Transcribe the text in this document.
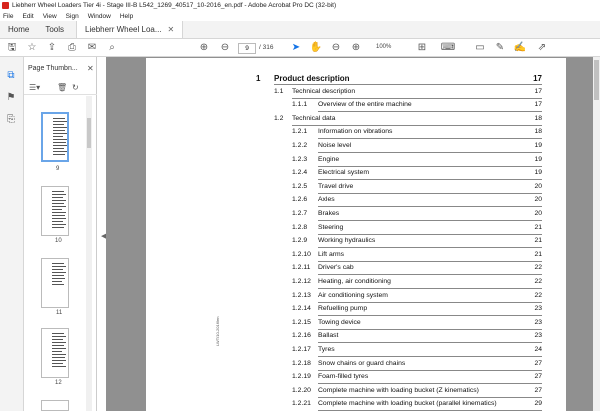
Liebherr Wheel Loaders Tier 4i - Stage III-B L542_1269_40517_10-2016_en.pdf - Adobe Acrobat Pro DC (32-bit)
File Edit View Sign Window Help
Home	Tools	Liebherr Wheel Loa... ✕
🖫 ☆ ⇪ ⎙ ✉	⌕	⊕ ⊖	9	/ 316 ➤ ✋ ⊖ ⊕	100%	⊞ ⌨ ▭ ✎ ✍ ⇗
⧉
⚑
⎘
Page Thumbn... ✕
☰▾ 🗑 ↻
9
10
11
12
◀
LWT/10-2016/en
1 Product description	17
1.1 Technical description	17
1.1.1 Overview of the entire machine	17
1.2 Technical data	18
1.2.1 Information on vibrations	18
1.2.2 Noise level	19
1.2.3 Engine	19
1.2.4 Electrical system	19
1.2.5 Travel drive	20
1.2.6 Axles	20
1.2.7 Brakes	20
1.2.8 Steering	21
1.2.9 Working hydraulics	21
1.2.10 Lift arms	21
1.2.11 Driver's cab	22
1.2.12 Heating, air conditioning	22
1.2.13 Air conditioning system	22
1.2.14 Refuelling pump	23
1.2.15 Towing device	23
1.2.16 Ballast	23
1.2.17 Tyres	24
1.2.18 Snow chains or guard chains	27
1.2.19 Foam-filled tyres	27
1.2.20 Complete machine with loading bucket (Z kinematics)	27
1.2.21 Complete machine with loading bucket (parallel kinematics)	29
